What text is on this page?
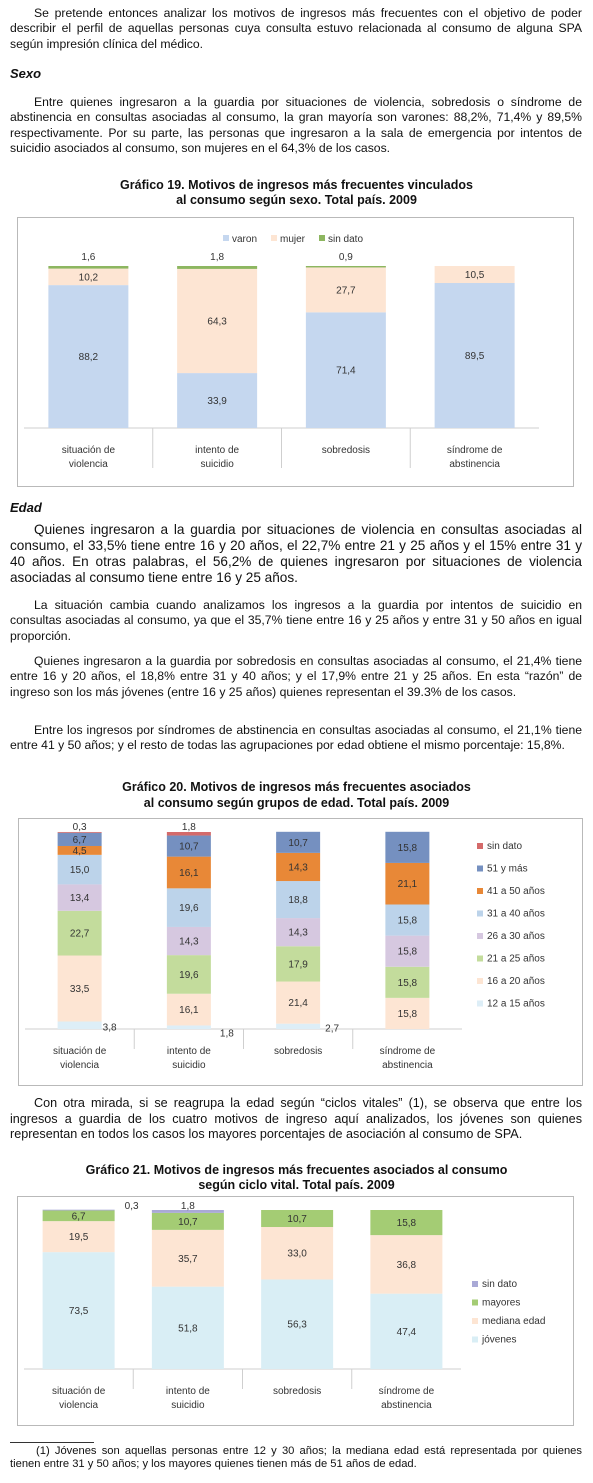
Se pretende entonces analizar los motivos de ingresos más frecuentes con el objetivo de poder describir el perfil de aquellas personas cuya consulta estuvo relacionada al consumo de alguna SPA según impresión clínica del médico.

Sexo

Entre quienes ingresaron a la guardia por situaciones de violencia, sobredosis o síndrome de abstinencia en consultas asociadas al consumo, la gran mayoría son varones: 88,2%, 71,4% y 89,5% respectivamente. Por su parte, las personas que ingresaron a la sala de emergencia por intentos de suicidio asociados al consumo, son mujeres en el 64,3% de los casos.

Gráfico 19. Motivos de ingresos más frecuentes vinculados

al consumo según sexo. Total país. 2009

88,2
10,2
1,6
situación de
violencia
33,9
64,3
1,8
intento de
suicidio
71,4
27,7
0,9
sobredosis
89,5
10,5
síndrome de
abstinencia
varon mujer sin dato
Edad

Quienes ingresaron a la guardia por situaciones de violencia en consultas asociadas al consumo, el 33,5% tiene entre 16 y 20 años, el 22,7% entre 21 y 25 años y el 15% entre 31 y 40 años. En otras palabras, el 56,2% de quienes ingresaron por situaciones de violencia asociadas al consumo tiene entre 16 y 25 años.

La situación cambia cuando analizamos los ingresos a la guardia por intentos de suicidio en consultas asociadas al consumo, ya que el 35,7% tiene entre 16 y 25 años y entre 31 y 50 años en igual proporción.

Quienes ingresaron a la guardia por sobredosis en consultas asociadas al consumo, el 21,4% tiene entre 16 y 20 años, el 18,8% entre 31 y 40 años; y el 17,9% entre 21 y 25 años. En esta “razón” de ingreso son los más jóvenes (entre 16 y 25 años) quienes representan el 39.3% de los casos.

Entre los ingresos por síndromes de abstinencia en consultas asociadas al consumo, el 21,1% tiene entre 41 y 50 años; y el resto de todas las agrupaciones por edad obtiene el mismo porcentaje: 15,8%.

Gráfico 20. Motivos de ingresos más frecuentes asociados

al consumo según grupos de edad. Total país. 2009

3,8
33,5
22,7
13,4
15,0
4,5
6,7
0,3
situación de
violencia
1,8
16,1
19,6
14,3
19,6
16,1
10,7
1,8
intento de
suicidio
2,7
21,4
17,9
14,3
18,8
14,3
10,7
sobredosis
15,8
15,8
15,8
15,8
21,1
15,8
síndrome de
abstinencia
sin dato
51 y más
41 a 50 años
31 a 40 años
26 a 30 años
21 a 25 años
16 a 20 años
12 a 15 años

Con otra mirada, si se reagrupa la edad según “ciclos vitales” (1), se observa que entre los ingresos a guardia de los cuatro motivos de ingreso aquí analizados, los jóvenes son quienes representan en todos los casos los mayores porcentajes de asociación al consumo de SPA.

Gráfico 21. Motivos de ingresos más frecuentes asociados al consumo

según ciclo vital. Total país. 2009

73,5
19,5
6,7
0,3
situación de
violencia
51,8
35,7
10,7
1,8
intento de
suicidio
56,3
33,0
10,7
sobredosis
47,4
36,8
15,8
síndrome de
abstinencia
sin dato
mayores
mediana edad
jóvenes

(1) Jóvenes son aquellas personas entre 12 y 30 años; la mediana edad está representada por quienes tienen entre 31 y 50 años; y los mayores quienes tienen más de 51 años de edad.
